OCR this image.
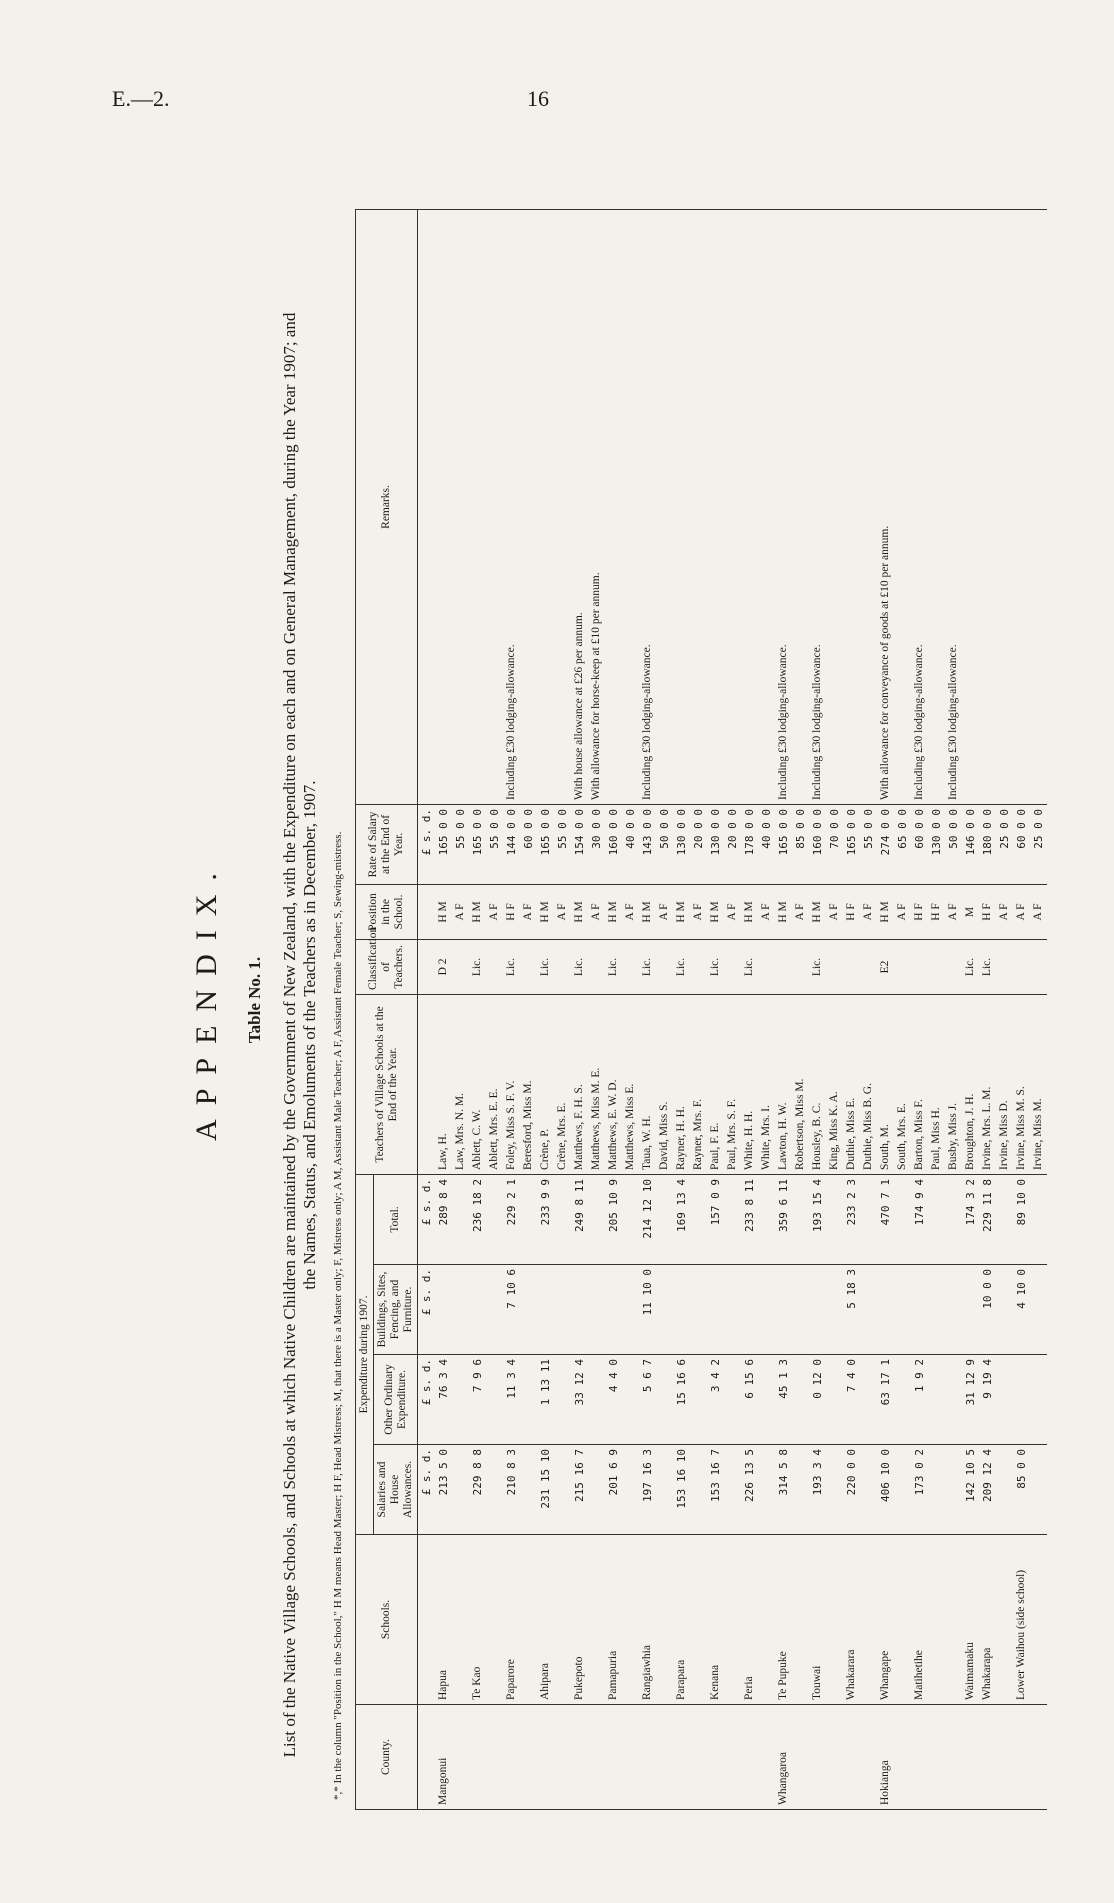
E.—2.	16
APPENDIX. Table No. 1. List of the Native Village Schools, and Schools at which Native Children are maintained by the Government of New Zealand, with the Expenditure on each and on General Management, during the Year 1907; and the Names, Status, and Emoluments of the Teachers as in December, 1907. *,* In the column "Position in the School," H M means Head Master; H F, Head Mistress; M, that there is a Master only; F, Mistress only; A M, Assistant Male Teacher; A F, Assistant Female Teacher; S, Sewing-mistress.	County.	Schools.	Expenditure during 1907.				Teachers of Village Schools at the End of the Year.	Classification of Teachers.	Position in the School.	Rate of Salary at the End of Year.	Remarks.
		Salaries and House Allowances.	Other Ordinary Expenditure.	Buildings, Sites, Fencing, and Furniture.	Total.					
		£ s. d.	£ s. d.	£ s. d.	£ s. d.				£ s. d.	
Mangonui	Hapua	213 5 0	76 3 4		289 8 4	Law, H.	D 2	H M	165 0 0	
						Law, Mrs. N. M.		A F	55 0 0	
	Te Kao	229 8 8	7 9 6		236 18 2	Ablett, C. W.	Lic.	H M	165 0 0	
						Ablett, Mrs. E. E.		A F	55 0 0	
	Paparore	210 8 3	11 3 4	7 10 6	229 2 1	Foley, Miss S. F. V.	Lic.	H F	144 0 0	Including £30 lodging-allowance.
						Beresford, Miss M.		A F	60 0 0	
	Ahipara	231 15 10	1 13 11		233 9 9	Crène, P.	Lic.	H M	165 0 0	
						Crène, Mrs. E.		A F	55 0 0	
	Pukepoto	215 16 7	33 12 4		249 8 11	Matthews, F. H. S.	Lic.	H M	154 0 0	With house allowance at £26 per annum.
						Matthews, Miss M. E.		A F	30 0 0	With allowance for horse-keep at £10 per annum.
	Pamapuria	201 6 9	4 4 0		205 10 9	Matthews, E. W. D.	Lic.	H M	160 0 0	
						Matthews, Miss E.		A F	40 0 0	
	Rangiawhia	197 16 3	5 6 7	11 10 0	214 12 10	Taua, W. H.	Lic.	H M	143 0 0	Including £30 lodging-allowance.
						David, Miss S.		A F	50 0 0	
	Parapara	153 16 10	15 16 6		169 13 4	Rayner, H. H.	Lic.	H M	130 0 0	
						Rayner, Mrs. F.		A F	20 0 0	
	Kenana	153 16 7	3 4 2		157 0 9	Paul, F. E.	Lic.	H M	130 0 0	
						Paul, Mrs. S. F.		A F	20 0 0	
	Peria	226 13 5	6 15 6		233 8 11	White, H. H.	Lic.	H M	178 0 0	
						White, Mrs. I.		A F	40 0 0	
Whangaroa	Te Pupuke	314 5 8	45 1 3		359 6 11	Lawton, H. W.		H M	165 0 0	Including £30 lodging-allowance.
						Robertson, Miss M.		A F	85 0 0	
	Touwai	193 3 4	0 12 0		193 15 4	Housley, B. C.	Lic.	H M	160 0 0	Including £30 lodging-allowance.
						King, Miss K. A.		A F	70 0 0	
	Whakarara	220 0 0	7 4 0	5 18 3	233 2 3	Duthie, Miss E.		H F	165 0 0	
						Duthie, Miss B. G.		A F	55 0 0	
Hokianga	Whangape	406 10 0	63 17 1		470 7 1	South, M.	E2	H M	274 0 0	With allowance for conveyance of goods at £10 per annum.
						South, Mrs. E.		A F	65 0 0	
	Matihetihe	173 0 2	1 9 2		174 9 4	Barton, Miss F.		H F	60 0 0	Including £30 lodging-allowance.
						Paul, Miss H.		H F	130 0 0	
						Busby, Miss J.		A F	50 0 0	Including £30 lodging-allowance.
	Waimamaku	142 10 5	31 12 9		174 3 2	Broughton, J. H.	Lic.	M	146 0 0	
	Whakarapa	209 12 4	9 19 4	10 0 0	229 11 8	Irvine, Mrs. L. M.	Lic.	H F	180 0 0	
						Irvine, Miss D.		A F	25 0 0	
	Lower Waihou (side school)	85 0 0		4 10 0	89 10 0	Irvine, Miss M. S.		A F	60 0 0	
						Irvine, Miss M.		A F	25 0 0	
